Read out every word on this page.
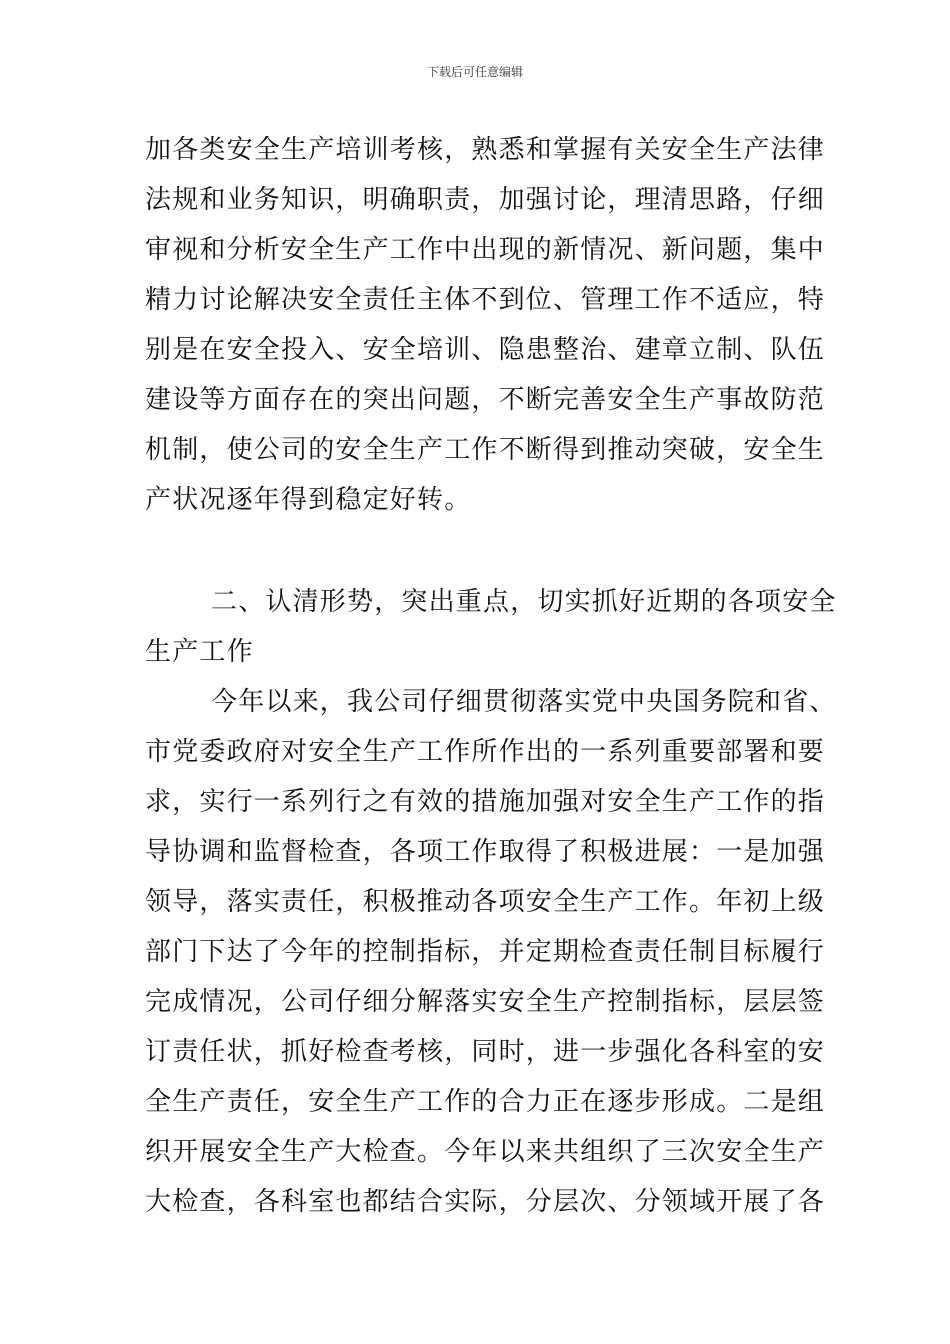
下载后可任意编辑
加各类安全生产培训考核，熟悉和掌握有关安全生产法律
法规和业务知识，明确职责，加强讨论，理清思路，仔细
审视和分析安全生产工作中出现的新情况、新问题，集中
精力讨论解决安全责任主体不到位、管理工作不适应，特
别是在安全投入、安全培训、隐患整治、建章立制、队伍
建设等方面存在的突出问题，不断完善安全生产事故防范
机制，使公司的安全生产工作不断得到推动突破，安全生
产状况逐年得到稳定好转。
二、认清形势，突出重点，切实抓好近期的各项安全
生产工作
今年以来，我公司仔细贯彻落实党中央国务院和省、
市党委政府对安全生产工作所作出的一系列重要部署和要
求，实行一系列行之有效的措施加强对安全生产工作的指
导协调和监督检查，各项工作取得了积极进展：一是加强
领导，落实责任，积极推动各项安全生产工作。年初上级
部门下达了今年的控制指标，并定期检查责任制目标履行
完成情况，公司仔细分解落实安全生产控制指标，层层签
订责任状，抓好检查考核，同时，进一步强化各科室的安
全生产责任，安全生产工作的合力正在逐步形成。二是组
织开展安全生产大检查。今年以来共组织了三次安全生产
大检查，各科室也都结合实际，分层次、分领域开展了各
